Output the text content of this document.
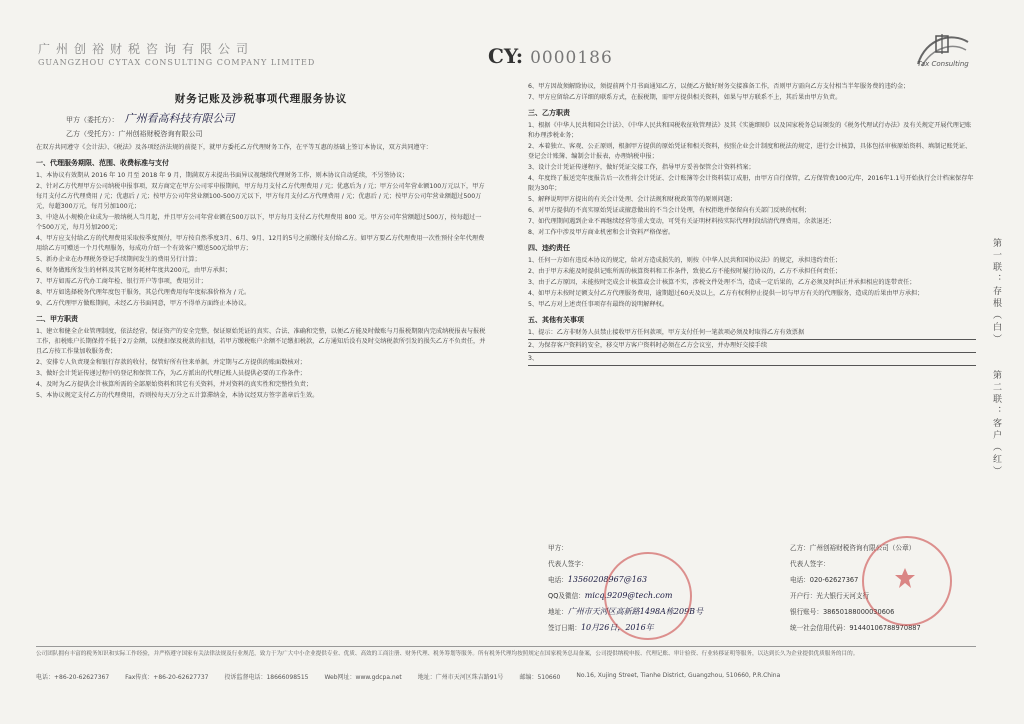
广州创裕财税咨询有限公司
GUANGZHOU CYTAX CONSULTING COMPANY LIMITED	CY: 0000186	Tax Consulting
财务记账及涉税事项代理服务协议
甲方（委托方）： 广州看高科技有限公司
乙方（受托方）：广州创裕财税咨询有限公司
在双方共同遵守《会计法》、《税法》及各项经济法规的前提下，就甲方委托乙方代理财务工作，在平等互惠的基础上签订本协议，双方共同遵守：
一、代理服务期限、范围、收费标准与支付
1、本协议有效期从 2016 年 10 月至 2018 年 9 月，期满双方未提出书面异议视继续代理财务工作，则本协议自动延续，不另签协议；
2、针对乙方代理甲方公司纳税申报事项，双方商定在甲方公司零申报期间，甲方每月支付乙方代理费用 / 元；优惠后为 / 元；甲方公司年营业额100万元以下，甲方每月支付乙方代理费用 / 元；优惠后 / 元；按甲方公司年营业额100-500万元以下，甲方每月支付乙方代理费用 / 元；优惠后 / 元；按甲方公司年营业额超过500万元，每超300万元，每月另加100元；
3、中途从小规模企业成为一般纳税人当月起，并且甲方公司年营业额在500万以下，甲方每月支付乙方代理费用 800 元。甲方公司年营额超过500万，按每超过一个500万元，每月另加200元；
4、甲方应支付给乙方的代理费用采取按季度预付，甲方按自然季度3月、6月、9月、12月的5号之前缴付支付给乙方。如甲方要乙方代理费用一次性预付全年代理费用给乙方可赠送一个月代理服务，每成功介绍一个有效客户赠送500元给甲方；
5、新办企业在办理税务登记手续期间发生的费用另行计算；
6、财务做账所发生的材料及其它财务耗材年度共200元，由甲方承担；
7、甲方如需乙方代办工商年检、银行开户等事项，费用另计；
8、甲方如选择税务代理年度包干服务，其总代理费用每年度标准价格为 / 元。
9、乙方代理甲方做账期间，未经乙方书面同意，甲方不得单方面终止本协议。
二、甲方职责
1、建立和健全企业管理制度，依法经营，保证资产的安全完整，保证原始凭证的真实、合法、准确和完整，以便乙方能及时做账与月报税期限内完成纳税报表与报税工作，扣税账户长期保持不低于2万金额，以便扣保及税款的扣划，若甲方缴税账户余额不足缴扣税款，乙方通知后没有及时交纳税款所引发的损失乙方不负责任，并且乙方按工作量加收服务费；
2、安排专人负责现金和银行存款的收付，保管好所有往来单据，并定期与乙方提供的账面数核对；
3、做好会计凭证传递过程中的登记和保管工作，为乙方派出的代理记账人员提供必要的工作条件；
4、及时为乙方提供会计核算所需的全部原始资料和其它有关资料，并对资料的真实性和完整性负责；
5、本协议规定支付乙方的代理费用，否则按每天万分之五计算滞纳金，本协议经双方签字盖章后生效。
6、甲方因故须解除协议，须提前两个月书面通知乙方，以便乙方做好财务交接准备工作，否则甲方需向乙方支付相当半年服务费的违约金；
7、甲方应留给乙方详细的联系方式，在报税期，需甲方提供相关资料，如果与甲方联系不上，其后果由甲方负责。
三、乙方职责
1、根据《中华人民共和国会计法》、《中华人民共和国税收征收管理法》及其《实施细则》以及国家税务总局颁发的《税务代理试行办法》及有关规定开展代理记账和办理涉税业务；
2、本着独立、客观、公正原则，根据甲方提供的原始凭证和相关资料，按照企业会计制度和税法的规定，进行会计核算，具体包括审核原始资料、填制记账凭证、登记会计账簿、编制会计报表，办理纳税申报；
3、设计会计凭证传递程序，做好凭证交接工作，指导甲方妥善保管会计资料档案；
4、年度终了报送完年度报告后一次性将会计凭证、会计账簿等会计资料装订成册，由甲方自行保管，乙方保管费100元/年，2016年1.1号开始执行会计档案保存年限为30年；
5、解释说明甲方提出的有关会计处理、会计法规和财税政策等的原则问题；
6、对甲方提供的不真实原始凭证或擅意做出的不当会计处理，有权拒绝并保留向有关部门反映的权利；
7、如代理期间遇到企业不再继续经营等重大变动，可凭有关证明材料按实际代理时段结清代理费用，余款退还；
8、对工作中涉及甲方商业机密和会计资料严格保密。
四、违约责任
1、任何一方如有违反本协议的规定，给对方造成损失的，则按《中华人民共和国协议法》的规定，承担违约责任；
2、由于甲方未能及时提供记账所需的核算资料和工作条件，致使乙方不能按时履行协议的，乙方不承担任何责任；
3、由于乙方原因，未能按时完成会计核算或会计核算不实，涉税文件处理不当，造成一定后果的，乙方必须及时纠正并承担相应的连带责任；
4、如甲方未按时足额支付乙方代理服务费用，逾期超过60天及以上，乙方有权利停止提供一切与甲方有关的代理服务，造成的后果由甲方承担；
5、甲乙方对上述责任事项存有最终的说明解释权。
五、其他有关事项
1、提示：乙方非财务人员禁止接收甲方任何款项，甲方支付任何一笔款项必须及时取得乙方有效票据
2、为保存客户资料的安全，移交甲方客户资料时必须在乙方会议室，并办理好交接手续
3、
甲方：
代表人签字：
电话：13560208967@163
QQ及微信：micq.9209@tech.com
地址：广州市天河区高新路1498A栋209B号
签订日期：10月26日，2016年
乙方：广州创裕财税咨询有限公司（公章）
代表人签字：
电话：020-62627367
开户行：光大银行天河支行
银行账号：38650188000030606
统一社会信用代码：91440106788970887
第一联：存根（白）
第二联：客户（红）
公司团队拥有丰富的税务知识和实际工作经验，并严格遵守国家有关法律法规及行业规范，致力于为广大中小企业提供专业、优质、高效的工商注册、财务代理、税务筹划等服务。所有税务代理均按照规定在国家税务总局备案，公司提供纳税申报、代理记账、审计验资、行业转移证明等服务，以达到长久为企业提供优质服务的目的。
电话：+86-20-62627367	Fax传真：+86-20-62627737	投诉监督电话：18666098515	Web网址：www.gdcpa.net	地址：广州市天河区珠吉路91号	邮编：510660	No.16, Xujing Street, Tianhe District, Guangzhou, 510660, P.R.China
